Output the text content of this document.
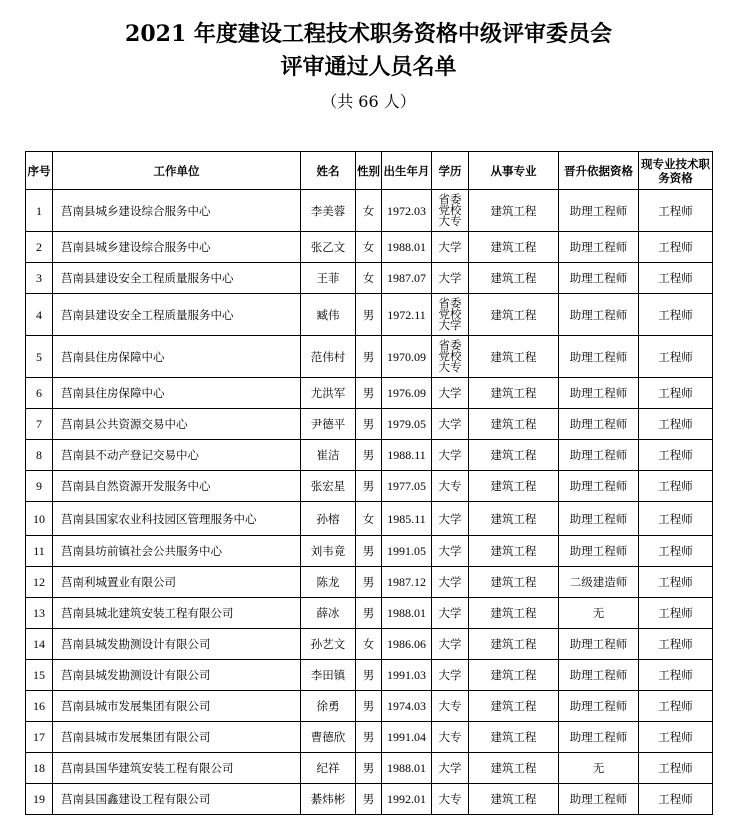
2021 年度建设工程技术职务资格中级评审委员会
评审通过人员名单
（共 66 人）
序号	工作单位	姓名	性别	出生年月	学历	从事专业	晋升依据资格	现专业技术职务资格
1	莒南县城乡建设综合服务中心	李美蓉	女	1972.03	省委党校大专	建筑工程	助理工程师	工程师
2	莒南县城乡建设综合服务中心	张乙文	女	1988.01	大学	建筑工程	助理工程师	工程师
3	莒南县建设安全工程质量服务中心	王菲	女	1987.07	大学	建筑工程	助理工程师	工程师
4	莒南县建设安全工程质量服务中心	臧伟	男	1972.11	省委党校大学	建筑工程	助理工程师	工程师
5	莒南县住房保障中心	范伟村	男	1970.09	省委党校大专	建筑工程	助理工程师	工程师
6	莒南县住房保障中心	尤洪军	男	1976.09	大学	建筑工程	助理工程师	工程师
7	莒南县公共资源交易中心	尹德平	男	1979.05	大学	建筑工程	助理工程师	工程师
8	莒南县不动产登记交易中心	崔洁	男	1988.11	大学	建筑工程	助理工程师	工程师
9	莒南县自然资源开发服务中心	张宏星	男	1977.05	大专	建筑工程	助理工程师	工程师
10	莒南县国家农业科技园区管理服务中心	孙榕	女	1985.11	大学	建筑工程	助理工程师	工程师
11	莒南县坊前镇社会公共服务中心	刘韦竟	男	1991.05	大学	建筑工程	助理工程师	工程师
12	莒南利城置业有限公司	陈龙	男	1987.12	大学	建筑工程	二级建造师	工程师
13	莒南县城北建筑安装工程有限公司	薛冰	男	1988.01	大学	建筑工程	无	工程师
14	莒南县城发勘测设计有限公司	孙艺文	女	1986.06	大学	建筑工程	助理工程师	工程师
15	莒南县城发勘测设计有限公司	李田镇	男	1991.03	大学	建筑工程	助理工程师	工程师
16	莒南县城市发展集团有限公司	徐勇	男	1974.03	大专	建筑工程	助理工程师	工程师
17	莒南县城市发展集团有限公司	曹德欣	男	1991.04	大专	建筑工程	助理工程师	工程师
18	莒南县国华建筑安装工程有限公司	纪祥	男	1988.01	大学	建筑工程	无	工程师
19	莒南县国鑫建设工程有限公司	綦炜彬	男	1992.01	大专	建筑工程	助理工程师	工程师
